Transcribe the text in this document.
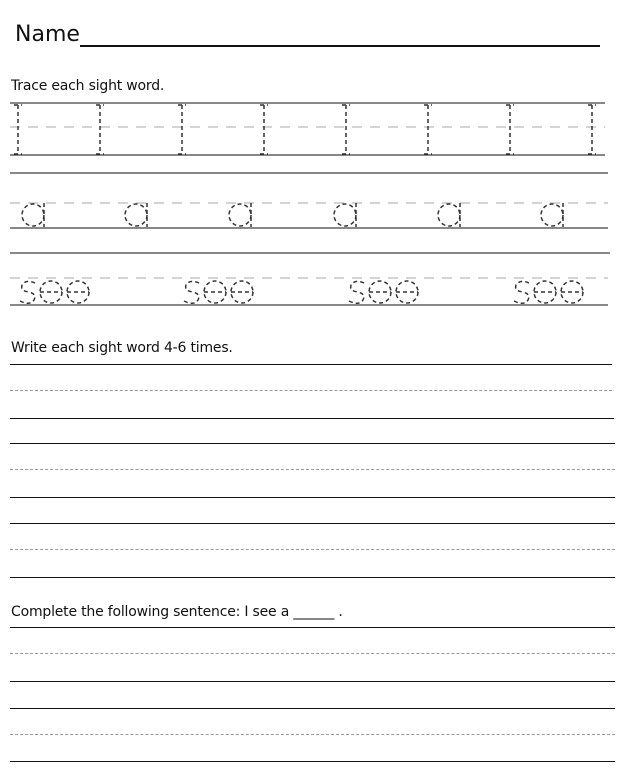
Name
Trace each sight word.
Write each sight word 4-6 times.
Complete the following sentence: I see a ______ .
